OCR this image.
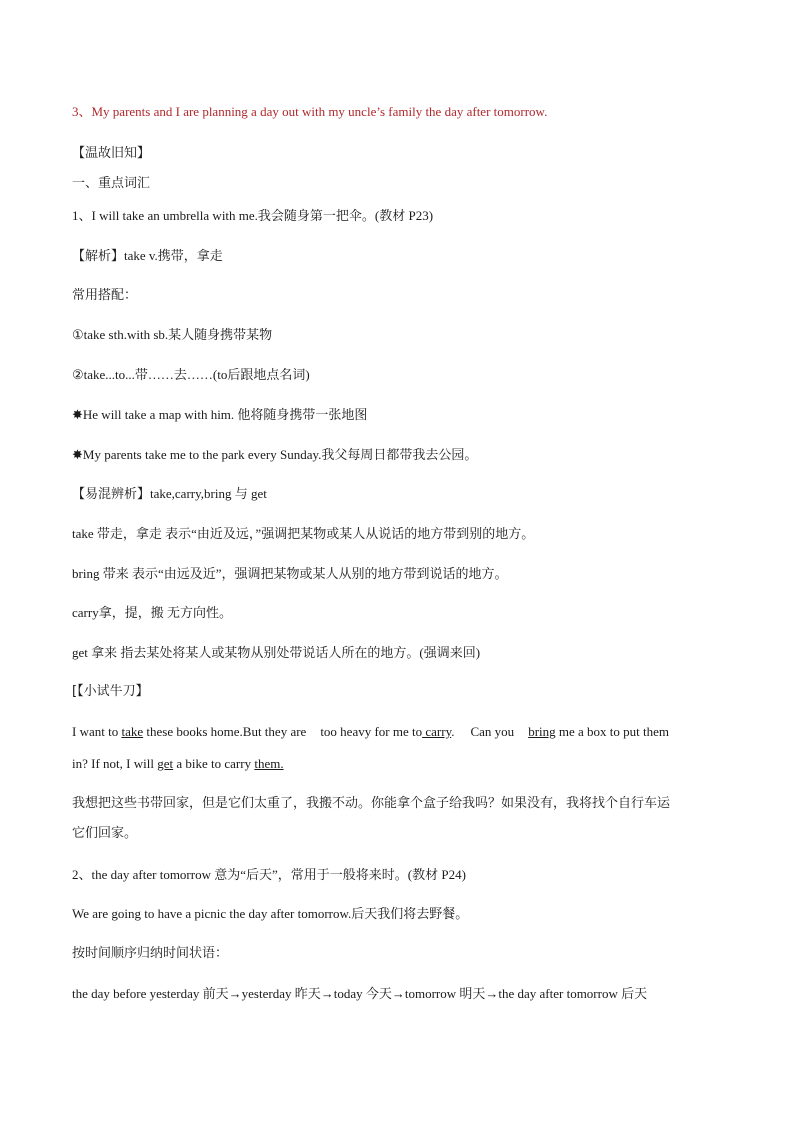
3、My parents and I are planning a day out with my uncle’s family the day after tomorrow.
【温故旧知】
一、重点词汇
1、I will take an umbrella with me.我会随身第一把伞。(教材 P23)
【解析】take v.携带，拿走
常用搭配：
①take sth.with sb.某人随身携带某物
②take...to...带……去……(to后跟地点名词)
✸He will take a map with him. 他将随身携带一张地图
✸My parents take me to the park every Sunday.我父每周日都带我去公园。
【易混辨析】take,carry,bring 与 get
take 带走，拿走 表示“由近及远，”强调把某物或某人从说话的地方带到别的地方。
bring 带来 表示“由远及近”，强调把某物或某人从别的地方带到说话的地方。
carry拿，提，搬 无方向性。
get 拿来 指去某处将某人或某物从别处带说话人所在的地方。(强调来回)
[【小试牛刀】
I want to take these books home.But they are too heavy for me to carry. Can you bring me a box to put them
in? If not, I will get a bike to carry them.
我想把这些书带回家，但是它们太重了，我搬不动。你能拿个盒子给我吗？如果没有，我将找个自行车运
它们回家。
2、the day after tomorrow 意为“后天”，常用于一般将来时。(教材 P24)
We are going to have a picnic the day after tomorrow.后天我们将去野餐。
按时间顺序归纳时间状语：
the day before yesterday 前天→yesterday 昨天→today 今天→tomorrow 明天→the day after tomorrow 后天
